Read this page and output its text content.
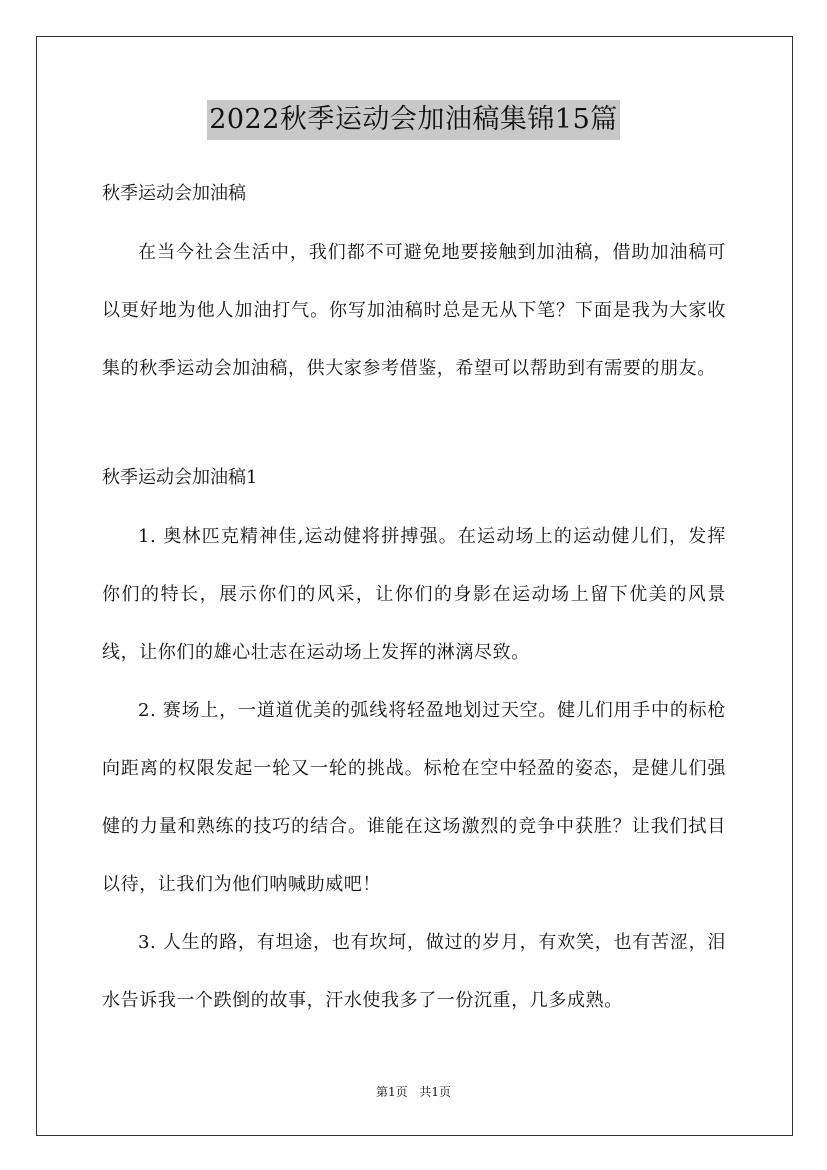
2022秋季运动会加油稿集锦15篇

秋季运动会加油稿

在当今社会生活中，我们都不可避免地要接触到加油稿，借助加油稿可以更好地为他人加油打气。你写加油稿时总是无从下笔？下面是我为大家收集的秋季运动会加油稿，供大家参考借鉴，希望可以帮助到有需要的朋友。

秋季运动会加油稿1

1. 奥林匹克精神佳,运动健将拼搏强。在运动场上的运动健儿们，发挥你们的特长，展示你们的风采，让你们的身影在运动场上留下优美的风景线，让你们的雄心壮志在运动场上发挥的淋漓尽致。

2. 赛场上，一道道优美的弧线将轻盈地划过天空。健儿们用手中的标枪向距离的权限发起一轮又一轮的挑战。标枪在空中轻盈的姿态，是健儿们强健的力量和熟练的技巧的结合。谁能在这场激烈的竞争中获胜？让我们拭目以待，让我们为他们呐喊助威吧！

3. 人生的路，有坦途，也有坎坷，做过的岁月，有欢笑，也有苦涩，泪水告诉我一个跌倒的故事，汗水使我多了一份沉重，几多成熟。

第1页 共1页
